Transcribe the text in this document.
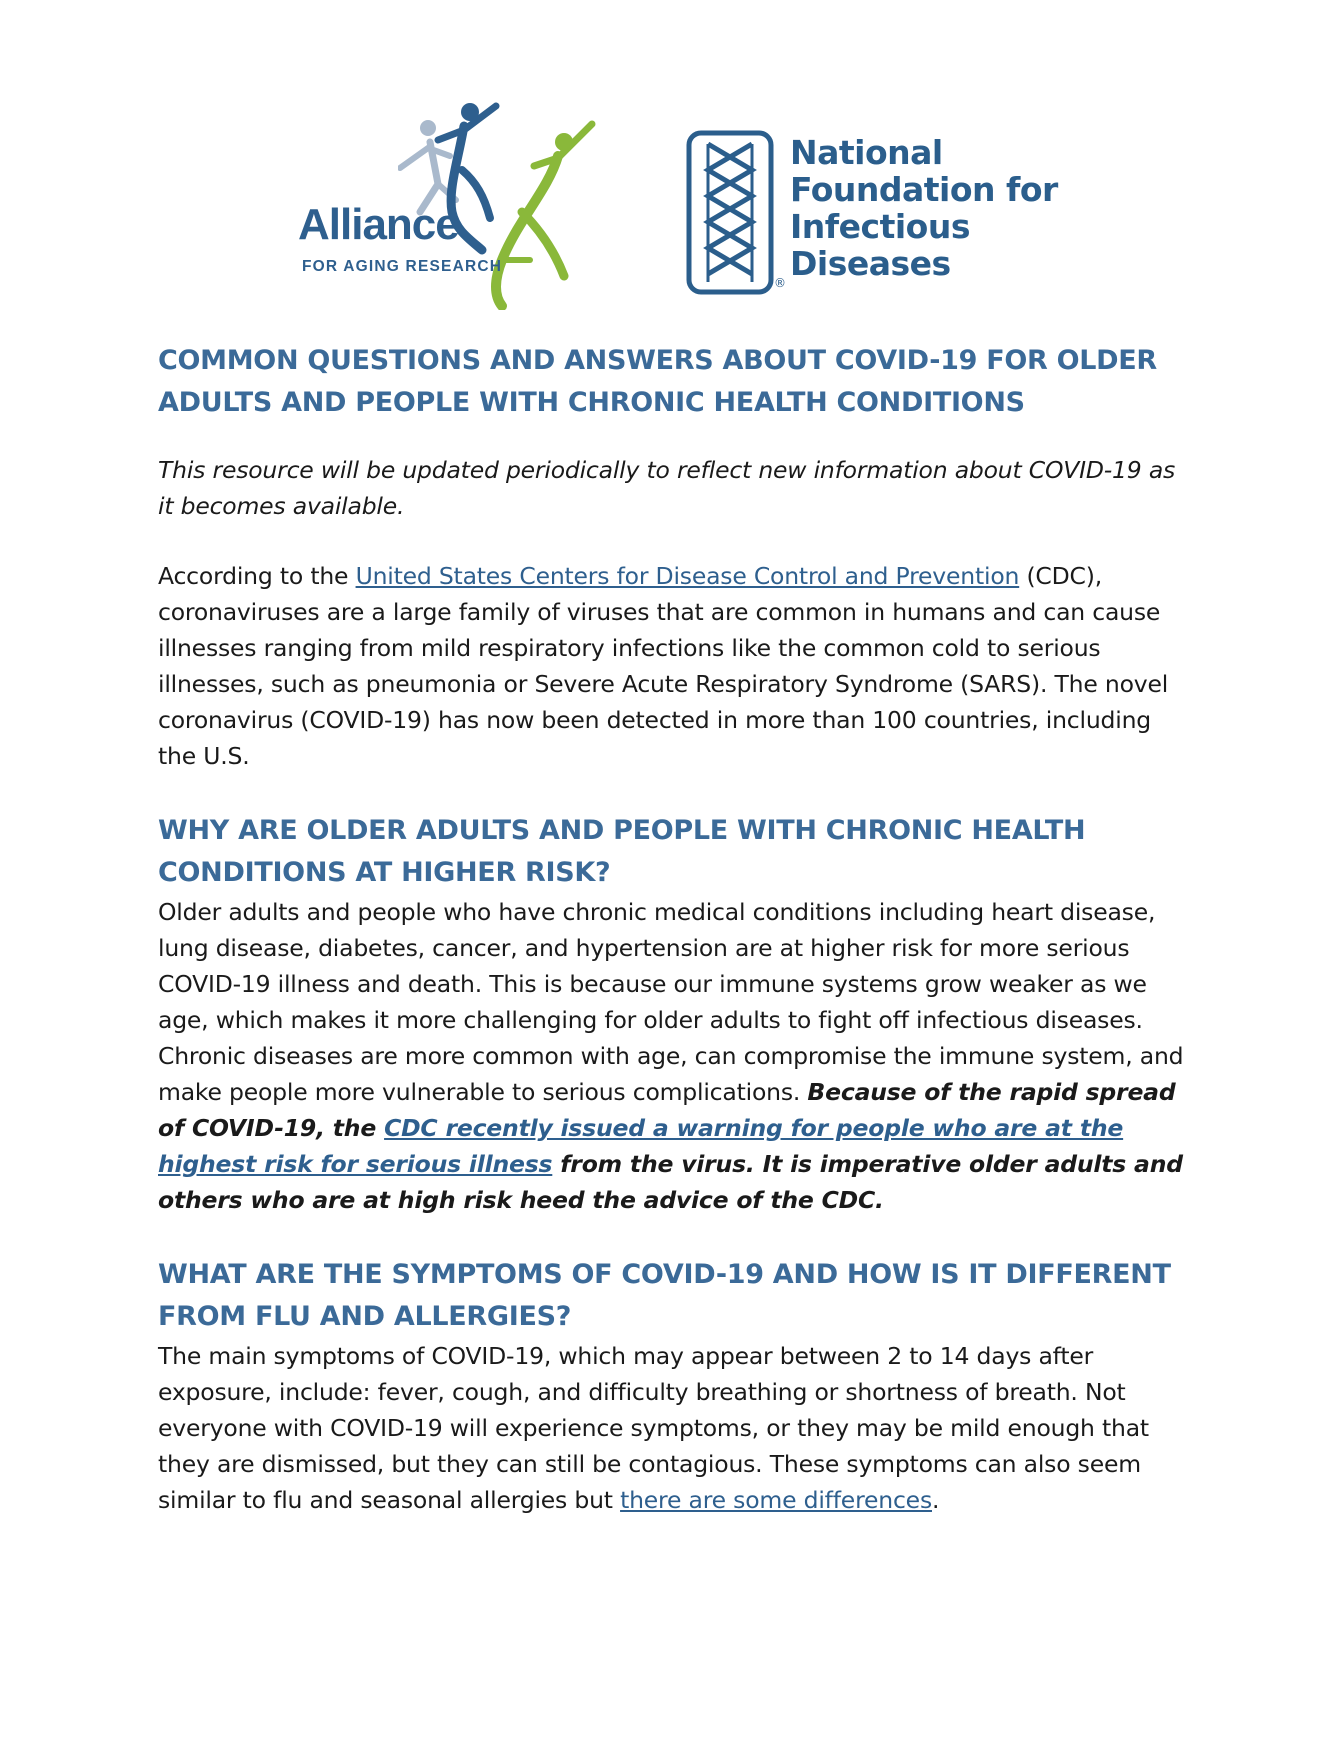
Alliance
FOR AGING RESEARCH
®
National
Foundation for
Infectious
Diseases
COMMON QUESTIONS AND ANSWERS ABOUT COVID-19 FOR OLDER ADULTS AND PEOPLE WITH CHRONIC HEALTH CONDITIONS

This resource will be updated periodically to reflect new information about COVID-19 as it becomes available.

According to the United States Centers for Disease Control and Prevention (CDC), coronaviruses are a large family of viruses that are common in humans and can cause illnesses ranging from mild respiratory infections like the common cold to serious illnesses, such as pneumonia or Severe Acute Respiratory Syndrome (SARS). The novel coronavirus (COVID-19) has now been detected in more than 100 countries, including the U.S.

WHY ARE OLDER ADULTS AND PEOPLE WITH CHRONIC HEALTH CONDITIONS AT HIGHER RISK?

Older adults and people who have chronic medical conditions including heart disease, lung disease, diabetes, cancer, and hypertension are at higher risk for more serious COVID-19 illness and death. This is because our immune systems grow weaker as we age, which makes it more challenging for older adults to fight off infectious diseases. Chronic diseases are more common with age, can compromise the immune system, and make people more vulnerable to serious complications. Because of the rapid spread of COVID-19, the CDC recently issued a warning for people who are at the highest risk for serious illness from the virus. It is imperative older adults and others who are at high risk heed the advice of the CDC.

WHAT ARE THE SYMPTOMS OF COVID-19 AND HOW IS IT DIFFERENT FROM FLU AND ALLERGIES?

The main symptoms of COVID-19, which may appear between 2 to 14 days after exposure, include: fever, cough, and difficulty breathing or shortness of breath. Not everyone with COVID-19 will experience symptoms, or they may be mild enough that they are dismissed, but they can still be contagious. These symptoms can also seem similar to flu and seasonal allergies but there are some differences.
